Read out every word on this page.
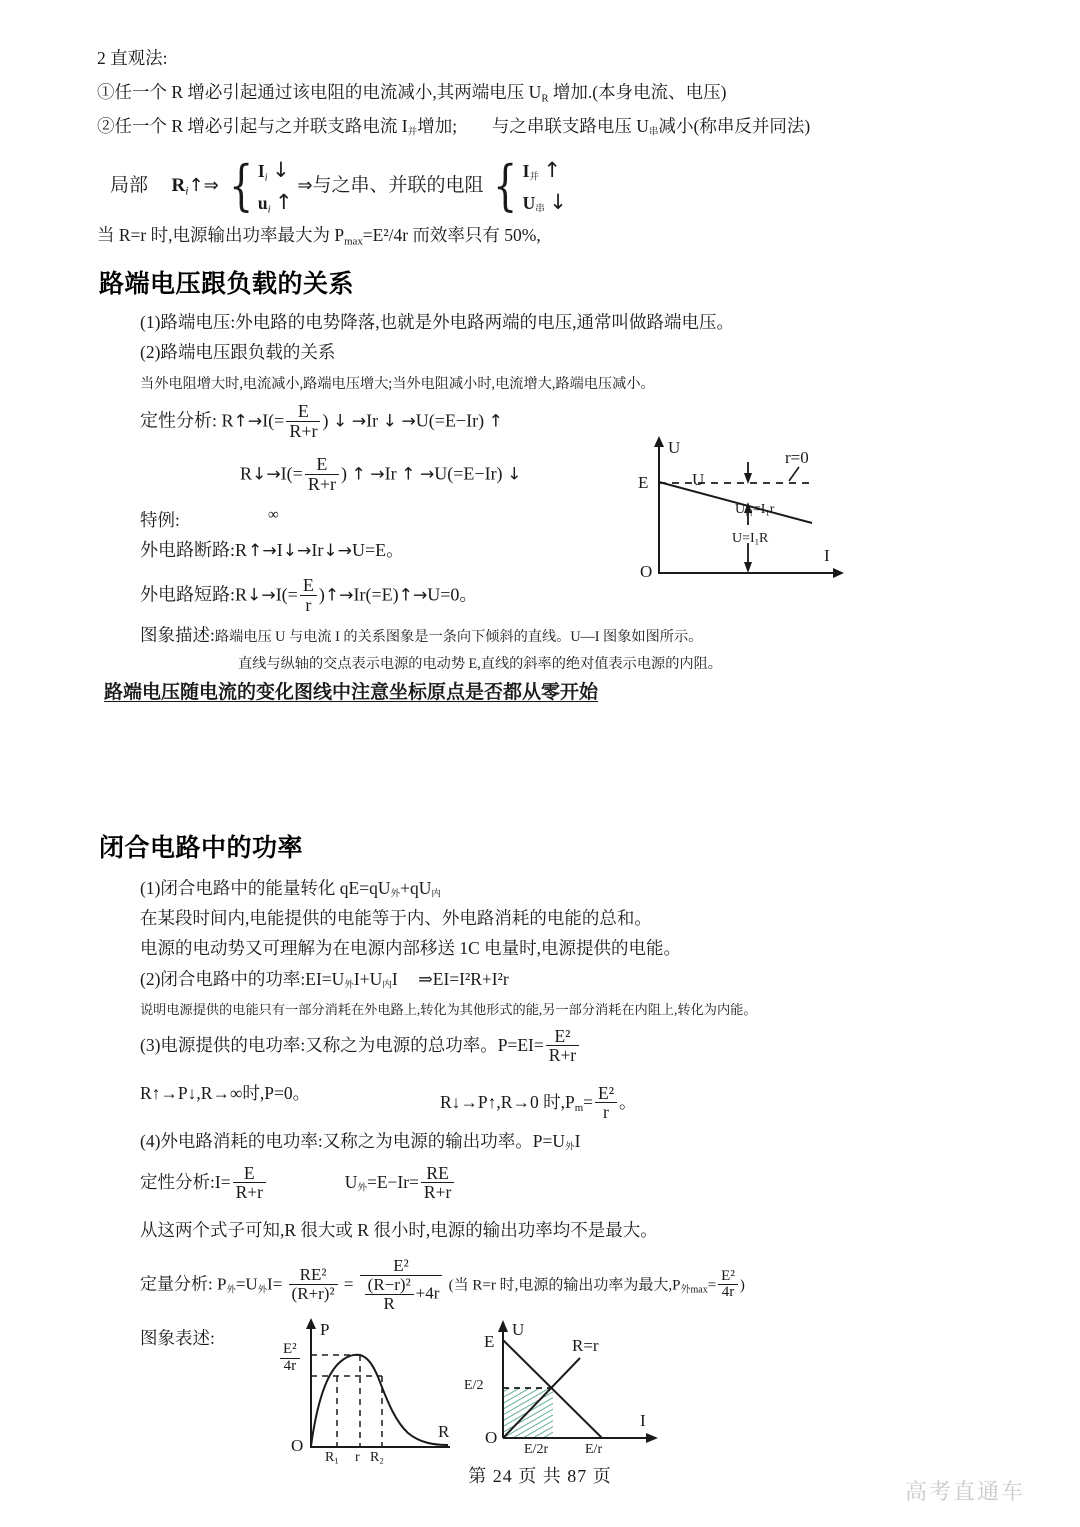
2 直观法:
①任一个 R 增必引起通过该电阻的电流减小,其两端电压 $U_R$ 增加.(本身电流、电压)
②任一个 R 增必引起与之并联支路电流 I并增加; 与之串联支路电压 U串减小(称串反并同法)
局部 $R_i↑\Rightarrow$ { $I_i$ ↓
$u_i$ ↑
⇒与之串、并联的电阻 { I并 ↑
U串 ↓
当 R=r 时,电源输出功率最大为 $P_{max}=E^2/4r$ 而效率只有 50%,
路端电压跟负载的关系
(1)路端电压:外电路的电势降落,也就是外电路两端的电压,通常叫做路端电压。
(2)路端电压跟负载的关系
当外电阻增大时,电流减小,路端电压增大;当外电阻减小时,电流增大,路端电压减小。
定性分析: R↑→I(= $\frac{E}{R+r}$ ) ↓ →Ir ↓ →U(=E−Ir) ↑
R↓→I(= $\frac{E}{R+r}$ ) ↑ →Ir ↑ →U(=E−Ir) ↓
特例:	∞
外电路断路:R↑→I↓→Ir↓→U=E。
外电路短路:R↓→I(= $\frac{E}{r}$ )↑→Ir(=E)↑→U=0。
U
I
O
E
r=0
U
U内$=I_1r$
$U=I_1R$
图象描述:路端电压 U 与电流 I 的关系图象是一条向下倾斜的直线。U—I 图象如图所示。
直线与纵轴的交点表示电源的电动势 E,直线的斜率的绝对值表示电源的内阻。
路端电压随电流的变化图线中注意坐标原点是否都从零开始
闭合电路中的功率
(1)闭合电路中的能量转化 qE=qU外+qU内
在某段时间内,电能提供的电能等于内、外电路消耗的电能的总和。
电源的电动势又可理解为在电源内部移送 1C 电量时,电源提供的电能。
(2)闭合电路中的功率:EI=U外I+U内I ⇒EI=I²R+I²r
说明电源提供的电能只有一部分消耗在外电路上,转化为其他形式的能,另一部分消耗在内阻上,转化为内能。
(3)电源提供的电功率:又称之为电源的总功率。$P=EI= \frac{\text{E²}}{R+r}$
R↑→P↓,R→∞时,P=0。	R↓→P↑,R→0 时$,P_m= \frac{\text{E²}}{r}$ 。
(4)外电路消耗的电功率:又称之为电源的输出功率。P=U外I
定性分析:I= $\frac{E}{R+r}$	U外$=E-Ir= \frac{RE}{R+r}$
从这两个式子可知,R 很大或 R 很小时,电源的输出功率均不是最大。
定量分析: P外=U外$I= \frac{\text{RE²}}{\text{(R+r)²}} = \frac{\text{E²}}{\frac{\text{(R−r)²}}{R} +4r}$ (当 R=r 时,电源的输出功率为最大,P外$\max= \frac{\text{E²}}{4r}$ )
图象表述:	P
R
O
$\frac{\text{E²}}{4r}$
$R_1$ r $R_2$
U
I
O
E
E/2
R=r
E/2r	E/r
第 24 页 共 87 页
高考直通车
